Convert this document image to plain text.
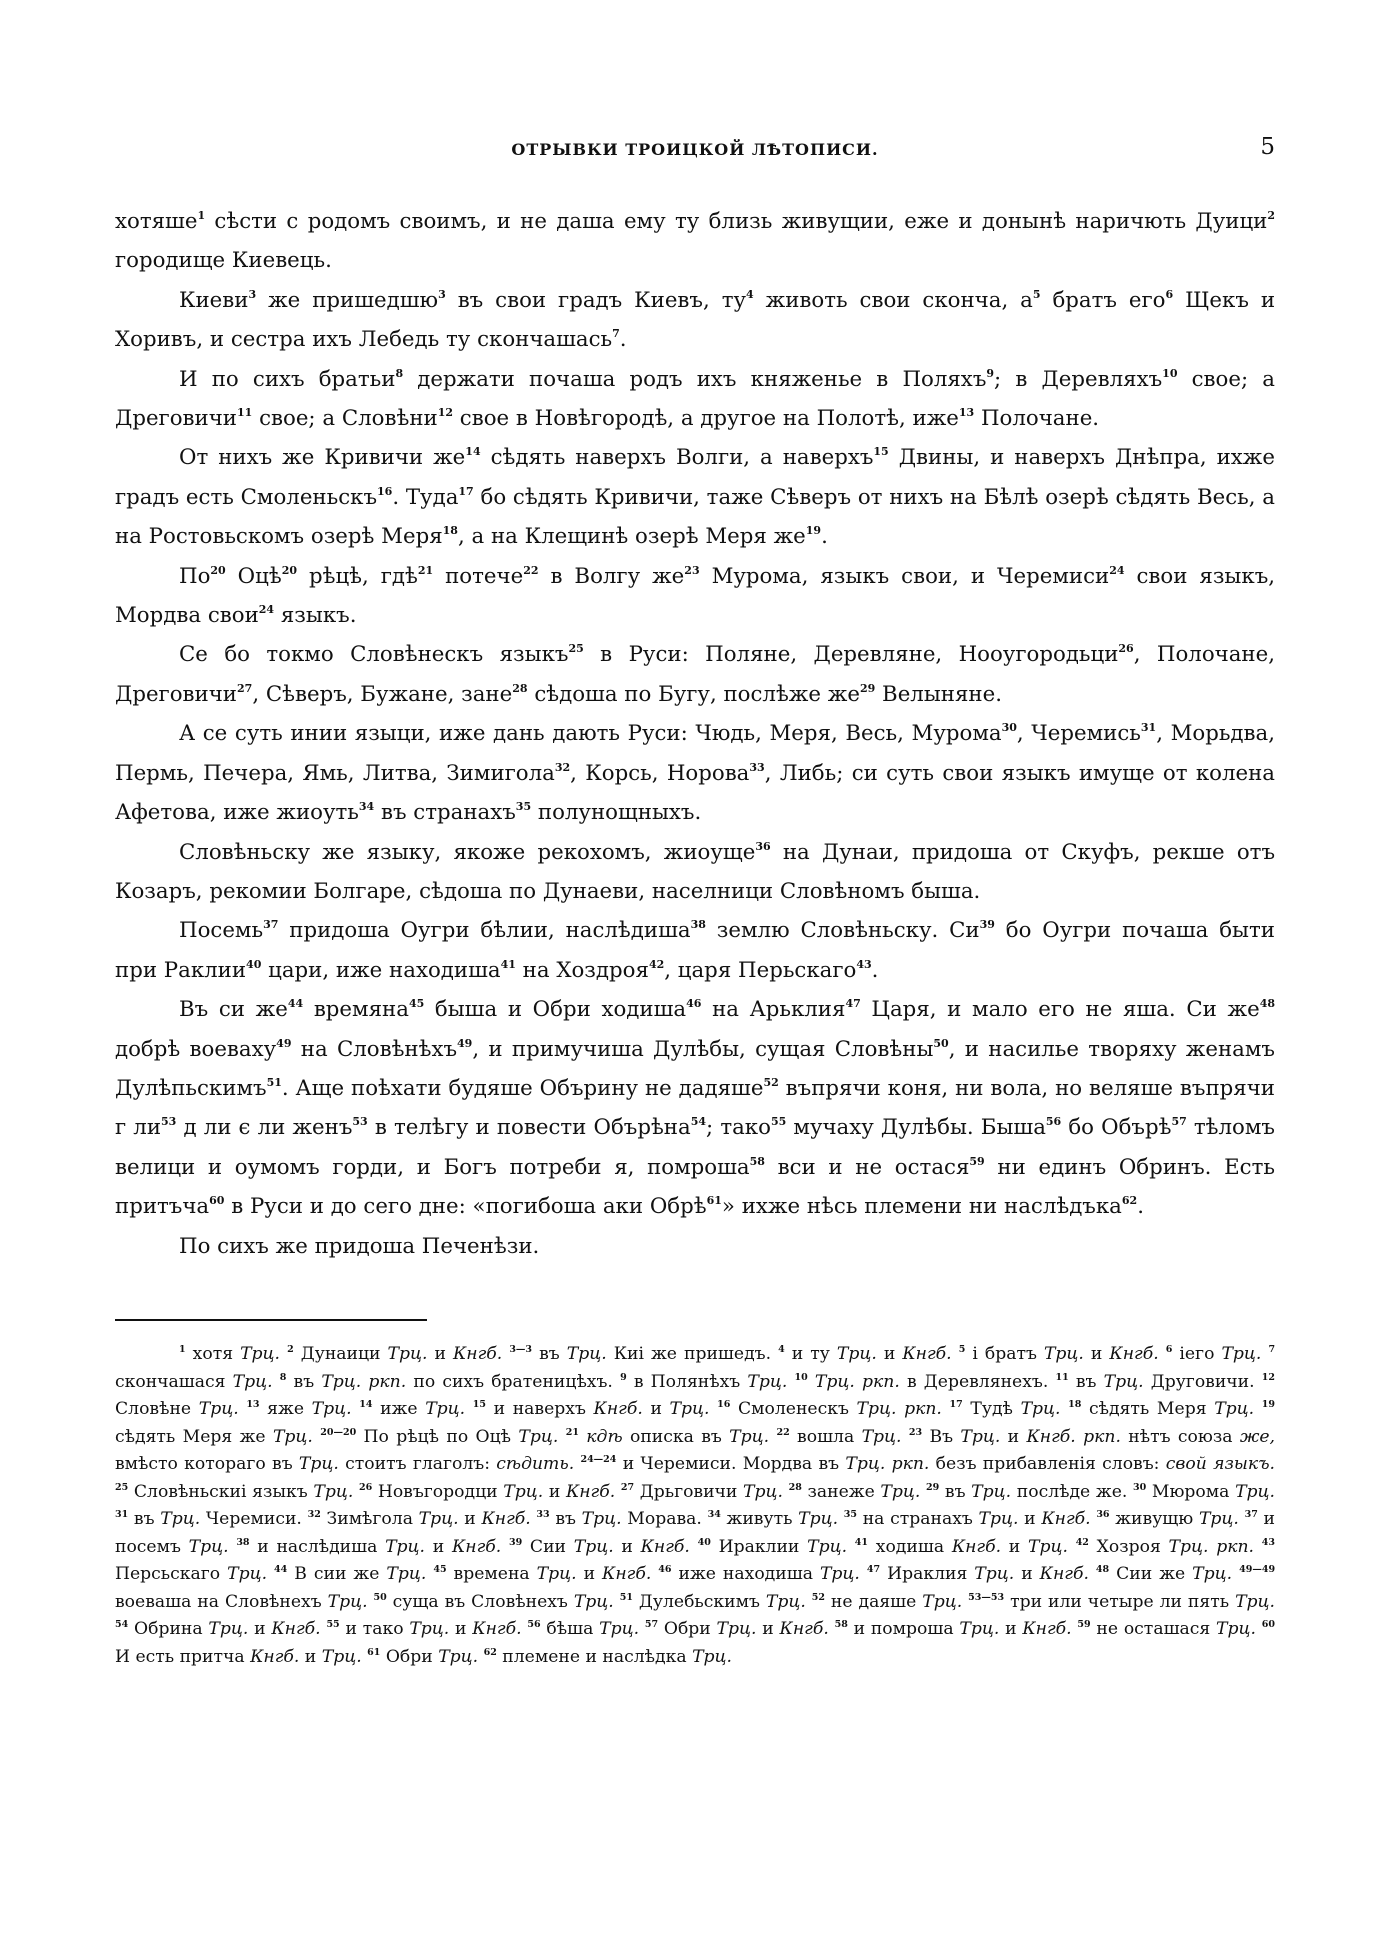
ОТРЫВКИ ТРОИЦКОЙ ЛѢТОПИСИ.	5

хотяше$^1$ сѣсти с родомъ своимъ, и не даша ему ту близь живущии, еже и донынѣ наричють Дуици$^2$ городище Киевець.

Киеви$^3$ же пришедшю$^3$ въ свои градъ Киевъ, $ту^4$ животь свои сконча, $а^5$ братъ его$^6$ Щекъ и Хоривъ, и сестра ихъ Лебедь ту скончашась$^7$.

И по сихъ братьи$^8$ держати почаша родъ ихъ княженье в Поляхъ$^9$; в Деревляхъ$^{10}$ свое; а Дреговичи$^{11}$ свое; а Словѣни$^{12}$ свое в Новѣгородѣ, а другое на Полотѣ, иже$^{13}$ Полочане.

От нихъ же Кривичи $же^{14}$ сѣдять наверхъ Волги, а наверхъ$^{15}$ Двины, и наверхъ Днѣпра, ихже градъ есть Смоленьскъ$^{16}$. Туда$^{17}$ бо сѣдять Кривичи, таже Сѣверъ от нихъ на Бѣлѣ озерѣ сѣдять Весь, а на Ростовьскомъ озерѣ Меря$^{18}$, а на Клещинѣ озерѣ Меря $же^{19}$.

$По^{20}$ Оцѣ$^{20}$ рѣцѣ, гдѣ$^{21}$ потече$^{22}$ в Волгу $же^{23}$ Мурома, языкъ свои, и Черемиси$^{24}$ свои языкъ, Мордва свои$^{24}$ языкъ.

Се бо токмо Словѣнескъ языкъ$^{25}$ в Руси: Поляне, Деревляне, Нооугородьци$^{26}$, Полочане, Дреговичи$^{27}$, Сѣверъ, Бужане, зане$^{28}$ сѣдоша по Бугу, послѣже $же^{29}$ Велыняне.

А се суть инии языци, иже дань дають Руси: Чюдь, Меря, Весь, Мурома$^{30}$, Черемись$^{31}$, Морьдва, Пермь, Печера, Ямь, Литва, Зимигола$^{32}$, Корсь, Норова$^{33}$, Либь; си суть свои языкъ имущe от колена Афетова, иже жиоуть$^{34}$ въ странахъ$^{35}$ полунощныхъ.

Словѣньску же языку, якоже рекохомъ, жиоуще$^{36}$ на Дунаи, придоша от Скуфъ, рекше отъ Козаръ, рекомии Болгаре, сѣдоша по Дунаеви, населници Словѣномъ быша.

Посемь$^{37}$ придоша Оугри бѣлии, наслѣдиша$^{38}$ землю Словѣньску. $Си^{39}$ бо Оугри почаша быти при Раклии$^{40}$ цари, иже находиша$^{41}$ на Хоздроя$^{42}$, царя Перьскаго$^{43}$.

Въ си $же^{44}$ времяна$^{45}$ быша и Обри ходиша$^{46}$ на Арьклия$^{47}$ Царя, и мало его не яша. Си $же^{48}$ добрѣ воеваху$^{49}$ на Словѣнѣхъ$^{49}$, и примучиша Дулѣбы, сущая Словѣны$^{50}$, и насилье творяху женамъ Дулѣпьскимъ$^{51}$. Аще поѣхати будяше Обърину не дадяше$^{52}$ въпрячи коня, ни вола, но веляше въпрячи г $ли^{53}$ д ли є ли женъ$^{53}$ в телѣгу и повести Обърѣна$^{54}$; тако$^{55}$ мучаху Дулѣбы. Быша$^{56}$ бо Обърѣ$^{57}$ тѣломъ велици и оумомъ горди, и Богъ потреби я, помроша$^{58}$ вси и не остася$^{59}$ ни единъ Обринъ. Есть притъча$^{60}$ в Руси и до сего дне: «погибоша аки Обрѣ$^{61}$» ихже нѣсь племени ни наслѣдъка$^{62}$.

По сихъ же придоша Печенѣзи.

$^1$ хотя Трц. $^2$ Дунаици Трц. и Кнгб. $^{3—3}$ въ Трц. Киі же пришедъ. $^4$ и ту Трц. и Кнгб. $^5$ і братъ Трц. и Кнгб. $^6$ іего Трц. $^7$ скончашася Трц. $^8$ въ Трц. ркп. по сихъ братеницѣхъ. $^9$ в Полянѣхъ Трц. $^{10}$ Трц. ркп. в Деревлянехъ. $^{11}$ въ Трц. Друговичи. $^{12}$ Словѣне Трц. $^{13}$ яже Трц. $^{14}$ иже Трц. $^{15}$ и наверхъ Кнгб. и Трц. $^{16}$ Смоленескъ Трц. ркп. $^{17}$ Тудѣ Трц. $^{18}$ сѣдять Меря Трц. $^{19}$ сѣдять Меря же Трц. $^{20—20}$ По рѣцѣ по Оцѣ Трц. $^{21}$ кдѣ описка въ Трц. $^{22}$ вошла Трц. $^{23}$ Въ Трц. и Кнгб. ркп. нѣтъ союза же, вмѣсто котораго въ Трц. стоитъ глаголъ: сѣдить. $^{24—24}$ и Черемиси. Мордва въ Трц. ркп. безъ прибавленія словъ: свой языкъ. $^{25}$ Словѣньскиі языкъ Трц. $^{26}$ Новъгородци Трц. и Кнгб. $^{27}$ Дрьговичи Трц. $^{28}$ занеже Трц. $^{29}$ въ Трц. послѣде же. $^{30}$ Мюрома Трц. $^{31}$ въ Трц. Черемиси. $^{32}$ Зимѣгола Трц. и Кнгб. $^{33}$ въ Трц. Морава. $^{34}$ живуть Трц. $^{35}$ на странахъ Трц. и Кнгб. $^{36}$ живущю Трц. $^{37}$ и посемъ Трц. $^{38}$ и наслѣдиша Трц. и Кнгб. $^{39}$ Сии Трц. и Кнгб. $^{40}$ Ираклии Трц. $^{41}$ ходиша Кнгб. и Трц. $^{42}$ Хозроя Трц. ркп. $^{43}$ Персьскаго Трц. $^{44}$ В сии же Трц. $^{45}$ времена Трц. и Кнгб. $^{46}$ иже находиша Трц. $^{47}$ Ираклия Трц. и Кнгб. $^{48}$ Сии же Трц. $^{49—49}$ воеваша на Словѣнехъ Трц. $^{50}$ суща въ Словѣнехъ Трц. $^{51}$ Дулебьскимъ Трц. $^{52}$ не даяше Трц. $^{53—53}$ три или четыре ли пять Трц. $^{54}$ Обрина Трц. и Кнгб. $^{55}$ и тако Трц. и Кнгб. $^{56}$ бѣша Трц. $^{57}$ Обри Трц. и Кнгб. $^{58}$ и помроша Трц. и Кнгб. $^{59}$ не осташася Трц. $^{60}$ И есть притча Кнгб. и Трц. $^{61}$ Обри Трц. $^{62}$ племене и наслѣдка Трц.
